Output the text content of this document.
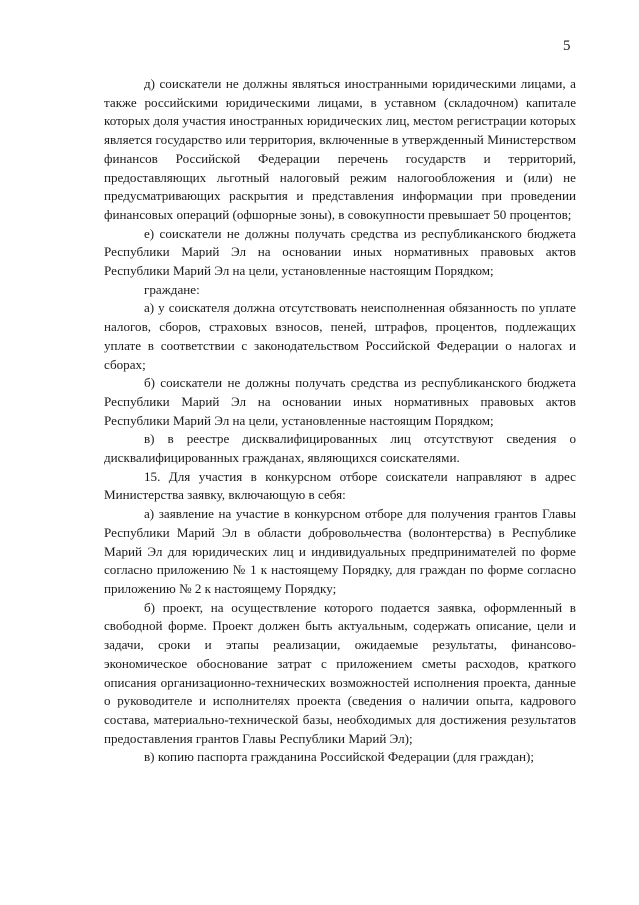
5

д) соискатели не должны являться иностранными юридическими лицами, а также российскими юридическими лицами, в уставном (складочном) капитале которых доля участия иностранных юридических лиц, местом регистрации которых является государство или территория, включенные в утвержденный Министерством финансов Российской Федерации перечень государств и территорий, предоставляющих льготный налоговый режим налогообложения и (или) не предусматривающих раскрытия и представления информации при проведении финансовых операций (офшорные зоны), в совокупности превышает 50 процентов;

е) соискатели не должны получать средства из республиканского бюджета Республики Марий Эл на основании иных нормативных правовых актов Республики Марий Эл на цели, установленные настоящим Порядком;

граждане:

а) у соискателя должна отсутствовать неисполненная обязанность по уплате налогов, сборов, страховых взносов, пеней, штрафов, процентов, подлежащих уплате в соответствии с законодательством Российской Федерации о налогах и сборах;

б) соискатели не должны получать средства из республиканского бюджета Республики Марий Эл на основании иных нормативных правовых актов Республики Марий Эл на цели, установленные настоящим Порядком;

в) в реестре дисквалифицированных лиц отсутствуют сведения о дисквалифицированных гражданах, являющихся соискателями.

15. Для участия в конкурсном отборе соискатели направляют в адрес Министерства заявку, включающую в себя:

а) заявление на участие в конкурсном отборе для получения грантов Главы Республики Марий Эл в области добровольчества (волонтерства) в Республике Марий Эл для юридических лиц и индивидуальных предпринимателей по форме согласно приложению № 1 к настоящему Порядку, для граждан по форме согласно приложению № 2 к настоящему Порядку;

б) проект, на осуществление которого подается заявка, оформленный в свободной форме. Проект должен быть актуальным, содержать описание, цели и задачи, сроки и этапы реализации, ожидаемые результаты, финансово-экономическое обоснование затрат с приложением сметы расходов, краткого описания организационно-технических возможностей исполнения проекта, данные о руководителе и исполнителях проекта (сведения о наличии опыта, кадрового состава, материально-технической базы, необходимых для достижения результатов предоставления грантов Главы Республики Марий Эл);

в) копию паспорта гражданина Российской Федерации (для граждан);
